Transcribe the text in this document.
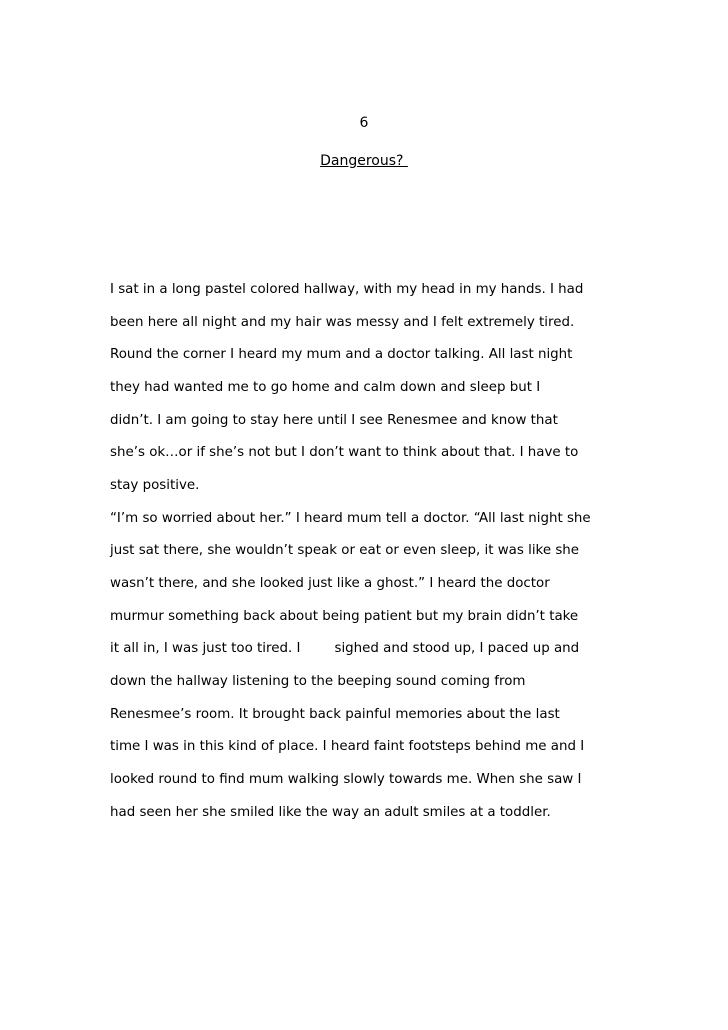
6
Dangerous?
I sat in a long pastel colored hallway, with my head in my hands. I had
been here all night and my hair was messy and I felt extremely tired.
Round the corner I heard my mum and a doctor talking. All last night
they had wanted me to go home and calm down and sleep but I
didn’t. I am going to stay here until I see Renesmee and know that
she’s ok…or if she’s not but I don’t want to think about that. I have to
stay positive.
“I’m so worried about her.” I heard mum tell a doctor. “All last night she
just sat there, she wouldn’t speak or eat or even sleep, it was like she
wasn’t there, and she looked just like a ghost.” I heard the doctor
murmur something back about being patient but my brain didn’t take
it all in, I was just too tired. I        sighed and stood up, I paced up and
down the hallway listening to the beeping sound coming from
Renesmee’s room. It brought back painful memories about the last
time I was in this kind of place. I heard faint footsteps behind me and I
looked round to find mum walking slowly towards me. When she saw I
had seen her she smiled like the way an adult smiles at a toddler.
